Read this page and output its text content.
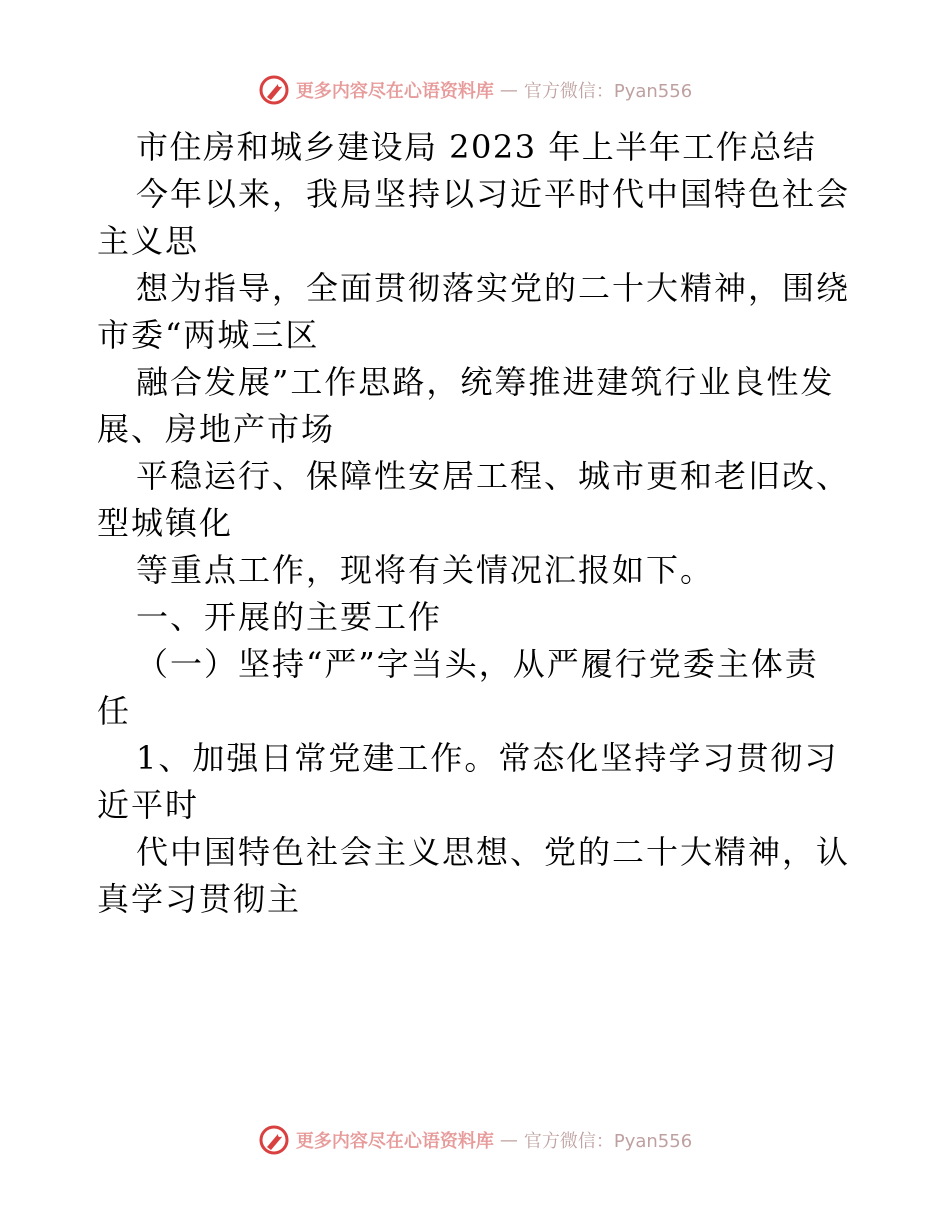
更多内容尽在心语资料库 — 官方微信：Pyan556
市住房和城乡建设局 2023 年上半年工作总结
今年以来，我局坚持以习近平时代中国特色社会
主义思
想为指导，全面贯彻落实党的二十大精神，围绕
市委“两城三区
融合发展”工作思路，统筹推进建筑行业良性发
展、房地产市场
平稳运行、保障性安居工程、城市更和老旧改、
型城镇化
等重点工作，现将有关情况汇报如下。
一、开展的主要工作
（一）坚持“严”字当头，从严履行党委主体责
任
1、加强日常党建工作。常态化坚持学习贯彻习
近平时
代中国特色社会主义思想、党的二十大精神，认
真学习贯彻主
更多内容尽在心语资料库 — 官方微信：Pyan556
